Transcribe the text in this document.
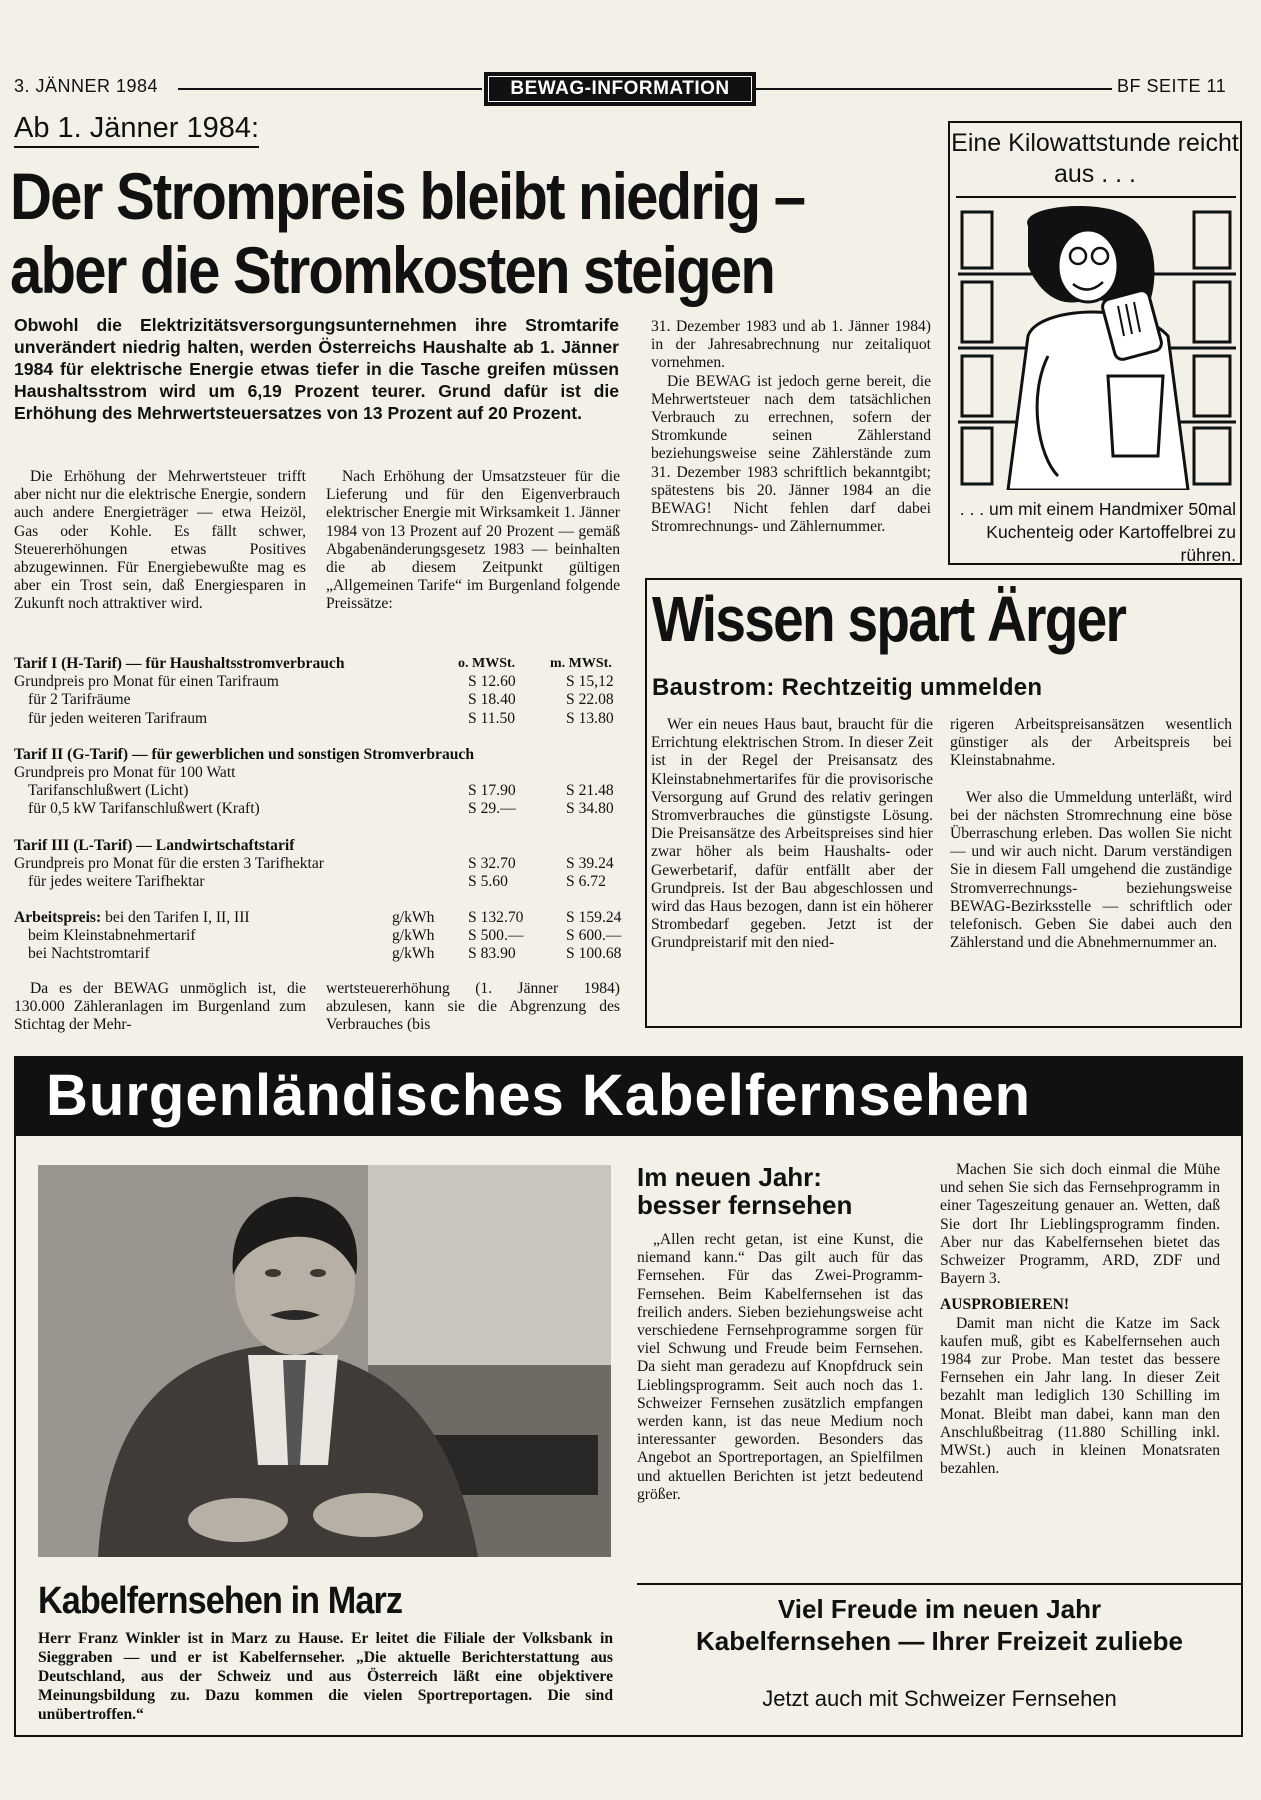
3. JÄNNER 1984	BEWAG-INFORMATION	BF SEITE 11
Ab 1. Jänner 1984:
Der Strompreis bleibt niedrig –
aber die Stromkosten steigen
Obwohl die Elektrizitätsversorgungsunternehmen ihre Stromtarife unverändert niedrig halten, werden Österreichs Haushalte ab 1. Jänner 1984 für elektrische Energie etwas tiefer in die Tasche greifen müssen Haushaltsstrom wird um 6,19 Prozent teurer. Grund dafür ist die Erhöhung des Mehrwertsteuersatzes von 13 Prozent auf 20 Prozent.

Die Erhöhung der Mehrwertsteuer trifft aber nicht nur die elektrische Energie, sondern auch andere Energieträger — etwa Heizöl, Gas oder Kohle. Es fällt schwer, Steuererhöhungen etwas Positives abzugewinnen. Für Energiebewußte mag es aber ein Trost sein, daß Energiesparen in Zukunft noch attraktiver wird.

Nach Erhöhung der Umsatzsteuer für die Lieferung und für den Eigenverbrauch elektrischer Energie mit Wirksamkeit 1. Jänner 1984 von 13 Prozent auf 20 Prozent — gemäß Abgabenänderungsgesetz 1983 — beinhalten die ab diesem Zeitpunkt gültigen „Allgemeinen Tarife“ im Burgenland folgende Preissätze:

31. Dezember 1983 und ab 1. Jänner 1984) in der Jahresabrechnung nur zeitaliquot vornehmen.

Die BEWAG ist jedoch gerne bereit, die Mehrwertsteuer nach dem tatsächlichen Verbrauch zu errechnen, sofern der Stromkunde seinen Zählerstand beziehungsweise seine Zählerstände zum 31. Dezember 1983 schriftlich bekanntgibt; spätestens bis 20. Jänner 1984 an die BEWAG! Nicht fehlen darf dabei Stromrechnungs- und Zählernummer.

Tarif I (H-Tarif) — für Haushaltsstromverbrauch	o. MWSt. m. MWSt.
Grundpreis pro Monat für einen Tarifraum	S 12.60	S 15,12
für 2 Tarifräume	S 18.40	S 22.08
für jeden weiteren Tarifraum	S 11.50	S 13.80
Tarif II (G-Tarif) — für gewerblichen und sonstigen Stromverbrauch
Grundpreis pro Monat für 100 Watt
Tarifanschlußwert (Licht)	S 17.90	S 21.48
für 0,5 kW Tarifanschlußwert (Kraft)	S 29.—	S 34.80
Tarif III (L-Tarif) — Landwirtschaftstarif
Grundpreis pro Monat für die ersten 3 Tarifhektar	S 32.70	S 39.24
für jedes weitere Tarifhektar	S 5.60	S 6.72
Arbeitspreis: bei den Tarifen I, II, III	g/kWh S 132.70	S 159.24
beim Kleinstabnehmertarif	g/kWh S 500.—	S 600.—
bei Nachtstromtarif	g/kWh S 83.90	S 100.68

Da es der BEWAG unmöglich ist, die 130.000 Zähleranlagen im Burgenland zum Stichtag der Mehr-

wertsteuererhöhung (1. Jänner 1984) abzulesen, kann sie die Abgrenzung des Verbrauches (bis

Eine Kilowattstunde reicht aus . . .
. . . um mit einem Handmixer 50mal Kuchenteig oder Kartoffelbrei zu rühren.
Wissen spart Ärger
Baustrom: Rechtzeitig ummelden

Wer ein neues Haus baut, braucht für die Errichtung elektrischen Strom. In dieser Zeit ist in der Regel der Preisansatz des Kleinstabnehmertarifes für die provisorische Versorgung auf Grund des relativ geringen Stromverbrauches die günstigste Lösung. Die Preisansätze des Arbeitspreises sind hier zwar höher als beim Haushalts- oder Gewerbetarif, dafür entfällt aber der Grundpreis. Ist der Bau abgeschlossen und wird das Haus bezogen, dann ist ein höherer Strombedarf gegeben. Jetzt ist der Grundpreistarif mit den nied-

rigeren Arbeitspreisansätzen wesentlich günstiger als der Arbeitspreis bei Kleinstabnahme.

Wer also die Ummeldung unterläßt, wird bei der nächsten Stromrechnung eine böse Überraschung erleben. Das wollen Sie nicht — und wir auch nicht. Darum verständigen Sie in diesem Fall umgehend die zuständige Stromverrechnungs- beziehungsweise BEWAG-Bezirksstelle — schriftlich oder telefonisch. Geben Sie dabei auch den Zählerstand und die Abnehmernummer an.

Burgenländisches Kabelfernsehen
Kabelfernsehen in Marz
Herr Franz Winkler ist in Marz zu Hause. Er leitet die Filiale der Volksbank in Sieggraben — und er ist Kabelfernseher. „Die aktuelle Berichterstattung aus Deutschland, aus der Schweiz und aus Österreich läßt eine objektivere Meinungsbildung zu. Dazu kommen die vielen Sportreportagen. Die sind unübertroffen.“
Im neuen Jahr:
besser fernsehen

„Allen recht getan, ist eine Kunst, die niemand kann.“ Das gilt auch für das Fernsehen. Für das Zwei-Programm-Fernsehen. Beim Kabelfernsehen ist das freilich anders. Sieben beziehungsweise acht verschiedene Fernsehprogramme sorgen für viel Schwung und Freude beim Fernsehen. Da sieht man geradezu auf Knopfdruck sein Lieblingsprogramm. Seit auch noch das 1. Schweizer Fernsehen zusätzlich empfangen werden kann, ist das neue Medium noch interessanter geworden. Besonders das Angebot an Sportreportagen, an Spielfilmen und aktuellen Berichten ist jetzt bedeutend größer.

Machen Sie sich doch einmal die Mühe und sehen Sie sich das Fernsehprogramm in einer Tageszeitung genauer an. Wetten, daß Sie dort Ihr Lieblingsprogramm finden. Aber nur das Kabelfernsehen bietet das Schweizer Programm, ARD, ZDF und Bayern 3.

AUSPROBIEREN!

Damit man nicht die Katze im Sack kaufen muß, gibt es Kabelfernsehen auch 1984 zur Probe. Man testet das bessere Fernsehen ein Jahr lang. In dieser Zeit bezahlt man lediglich 130 Schilling im Monat. Bleibt man dabei, kann man den Anschlußbeitrag (11.880 Schilling inkl. MWSt.) auch in kleinen Monatsraten bezahlen.

Viel Freude im neuen Jahr
Kabelfernsehen — Ihrer Freizeit zuliebe
Jetzt auch mit Schweizer Fernsehen
